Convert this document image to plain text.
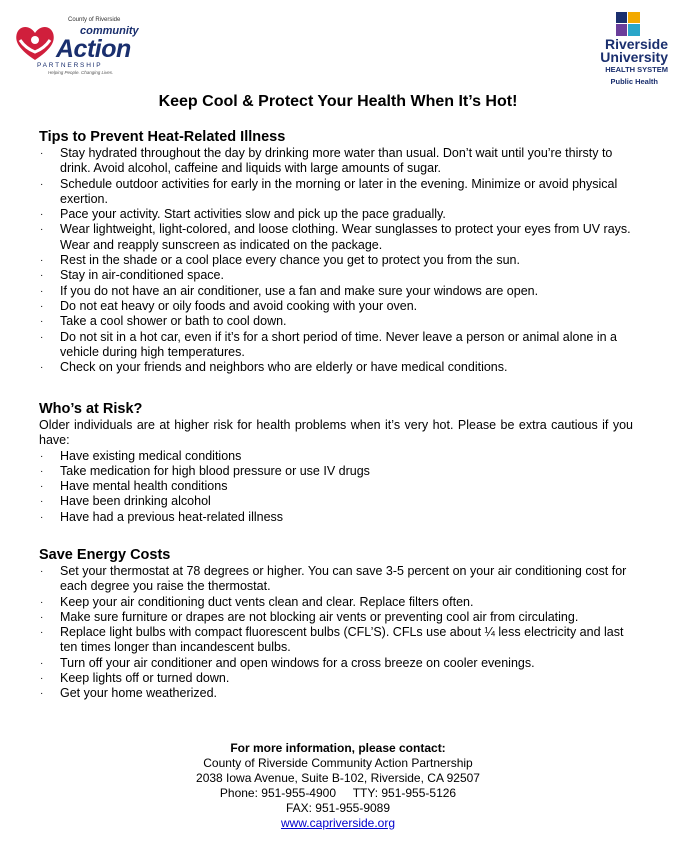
County of Riverside
community
Action
PARTNERSHIP
Helping People. Changing Lives.
Riverside
University
HEALTH SYSTEM
Public Health
Keep Cool & Protect Your Health When It’s Hot!
Tips to Prevent Heat-Related Illness
· Stay hydrated throughout the day by drinking more water than usual. Don’t wait until you’re thirsty to drink. Avoid alcohol, caffeine and liquids with large amounts of sugar.
· Schedule outdoor activities for early in the morning or later in the evening. Minimize or avoid physical exertion.
· Pace your activity. Start activities slow and pick up the pace gradually.
· Wear lightweight, light-colored, and loose clothing. Wear sunglasses to protect your eyes from UV rays. Wear and reapply sunscreen as indicated on the package.
· Rest in the shade or a cool place every chance you get to protect you from the sun.
· Stay in air-conditioned space.
· If you do not have an air conditioner, use a fan and make sure your windows are open.
· Do not eat heavy or oily foods and avoid cooking with your oven.
· Take a cool shower or bath to cool down.
· Do not sit in a hot car, even if it’s for a short period of time. Never leave a person or animal alone in a vehicle during high temperatures.
· Check on your friends and neighbors who are elderly or have medical conditions.
Who’s at Risk?

Older individuals are at higher risk for health problems when it’s very hot. Please be extra cautious if you have:

· Have existing medical conditions
· Take medication for high blood pressure or use IV drugs
· Have mental health conditions
· Have been drinking alcohol
· Have had a previous heat-related illness
Save Energy Costs
· Set your thermostat at 78 degrees or higher. You can save 3-5 percent on your air conditioning cost for each degree you raise the thermostat.
· Keep your air conditioning duct vents clean and clear. Replace filters often.
· Make sure furniture or drapes are not blocking air vents or preventing cool air from circulating.
· Replace light bulbs with compact fluorescent bulbs (CFL’S). CFLs use about ¼ less electricity and last ten times longer than incandescent bulbs.
· Turn off your air conditioner and open windows for a cross breeze on cooler evenings.
· Keep lights off or turned down.
· Get your home weatherized.
For more information, please contact:
County of Riverside Community Action Partnership
2038 Iowa Avenue, Suite B-102, Riverside, CA 92507
Phone: 951-955-4900 TTY: 951-955-5126
FAX: 951-955-9089
www.capriverside.org
